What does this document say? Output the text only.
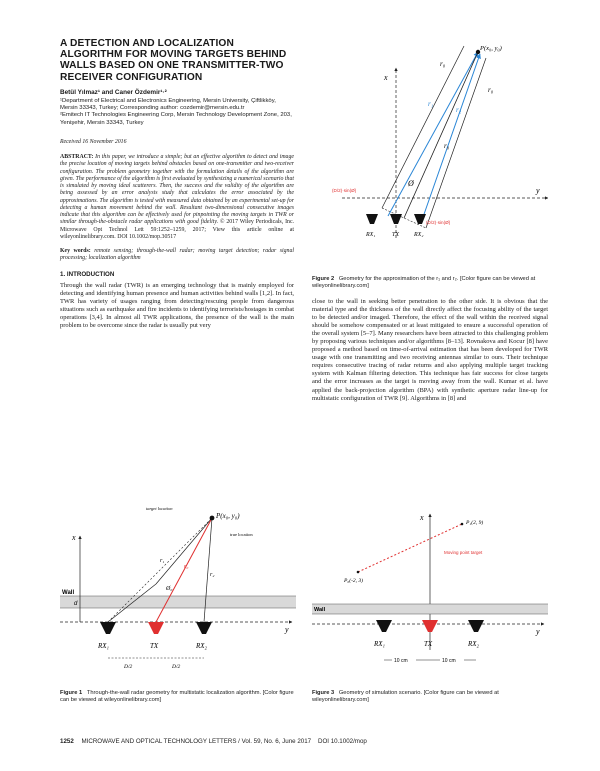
A DETECTION AND LOCALIZATION ALGORITHM FOR MOVING TARGETS BEHIND WALLS BASED ON ONE TRANSMITTER-TWO RECEIVER CONFIGURATION

Betül Yılmaz¹ and Caner Özdemir¹·²

¹Department of Electrical and Electronics Engineering, Mersin University, Çiftlikköy, Mersin 33343, Turkey; Corresponding author: cozdemir@mersin.edu.tr

²Emitech IT Technologies Engineering Corp, Mersin Technology Development Zone, 203, Yenişehir, Mersin 33343, Turkey

Received 16 November 2016

ABSTRACT: In this paper, we introduce a simple; but an effective algorithm to detect and image the precise location of moving targets behind obstacles based on one-transmitter and two-receiver configuration. The problem geometry together with the formulation details of the algorithm are given. The performance of the algorithm is first evaluated by synthesizing a numerical scenario that is simulated by moving ideal scatterers. Then, the success and the validity of the algorithm are being assessed by an error analysis study that calculates the error associated by the approximations. The algorithm is tested with measured data obtained by an experimental set-up for detecting a human movement behind the wall. Resultant two-dimensional consecutive images indicate that this algorithm can be effectively used for pinpointing the moving targets in TWR or similar through-the-obstacle radar applications with good fidelity. © 2017 Wiley Periodicals, Inc. Microwave Opt Technol Lett 59:1252–1259, 2017; View this article online at wileyonlinelibrary.com. DOI 10.1002/mop.30517

Key words: remote sensing; through-the-wall radar; moving target detection; radar signal processing; localization algorithm

1. INTRODUCTION

Through the wall radar (TWR) is an emerging technology that is mainly employed for detecting and identifying human presence and human activities behind walls [1,2]. In fact, TWR has variety of usages ranging from detecting/rescuing people from dangerous situations such as earthquake and fire incidents to identifying terrorists/hostages in combat operations [3,4]. In almost all TWR applications, the presence of the wall is the main problem to be overcome since the radar is usually put very

close to the wall in seeking better penetration to the other side. It is obvious that the material type and the thickness of the wall directly affect the focusing ability of the target to be detected and/or imaged. Therefore, the effect of the wall within the received signal should be somehow compensated or at least mitigated to ensure a successful operation of the overall system [5–7]. Many researchers have been attracted to this challenging problem by proposing various techniques and/or algorithms [8–13]. Rovnakova and Kocur [8] have proposed a method based on time-of-arrival estimation that has been developed for TWR usage with one transmitting and two receiving antennas similar to ours. Their technique requires consecutive tracing of radar returns and also applying multiple target tracking system with Kalman filtering detection. This technique has fair success for close targets and the error increases as the target is moving away from the wall. Kumar et al. have applied the back-projection algorithm (BPA) with synthetic aperture radar line-up for multistatic configuration of TWR [9]. Algorithms in [8] and

Wall
d
x
y
P(x₀, y₀)
target location
true location
r₁
r₀
r₂
Ø₀
RX₁	TX	RX₂
D/2	D/2

Figure 1 Through-the-wall radar geometry for multistatic localization algorithm. [Color figure can be viewed at wileyonlinelibrary.com]

x
y
P(x₀, y₀)
r₀
r₀
r₁
r₂
r₀
Ø
(D/2)·sin(Ø)
(D/2)·sin(Ø)
RX₁	TX RX₂

Figure 2 Geometry for the approximation of the r₁ and r₂. [Color figure can be viewed at wileyonlinelibrary.com]

x
P₀(-2, 3)
P₁(2, 9)
Moving point target
Wall
y
RX₁	TX	RX₂
10 cm	10 cm

Figure 3 Geometry of simulation scenario. [Color figure can be viewed at wileyonlinelibrary.com]

1252 MICROWAVE AND OPTICAL TECHNOLOGY LETTERS / Vol. 59, No. 6, June 2017 DOI 10.1002/mop
